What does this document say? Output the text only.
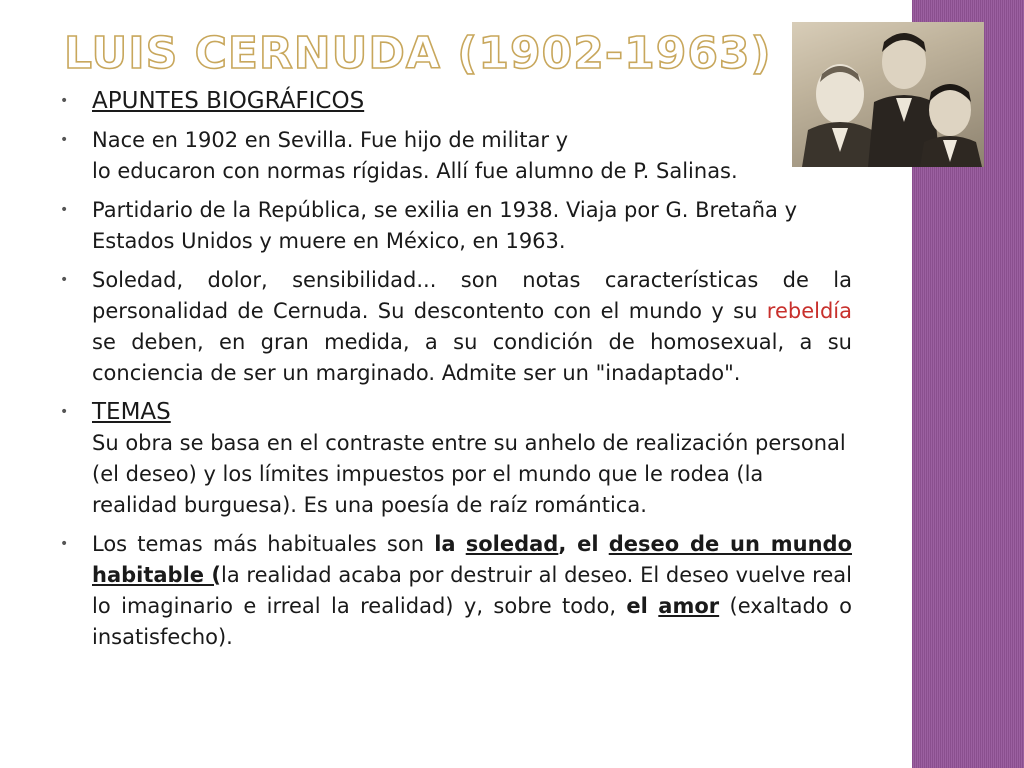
LUIS CERNUDA (1902-1963)
• APUNTES BIOGRÁFICOS
• Nace en 1902 en Sevilla. Fue hijo de militar y
lo educaron con normas rígidas. Allí fue alumno de P. Salinas.
• Partidario de la República, se exilia en 1938. Viaja por G. Bretaña y Estados Unidos y muere en México, en 1963.
• Soledad, dolor, sensibilidad... son notas características de la personalidad de Cernuda. Su descontento con el mundo y su rebeldía se deben, en gran medida, a su condición de homosexual, a su conciencia de ser un marginado. Admite ser un "inadaptado".
• TEMAS
Su obra se basa en el contraste entre su anhelo de realización personal (el deseo) y los límites impuestos por el mundo que le rodea (la realidad burguesa). Es una poesía de raíz romántica.
• Los temas más habituales son la soledad, el deseo de un mundo habitable (la realidad acaba por destruir al deseo. El deseo vuelve real lo imaginario e irreal la realidad) y, sobre todo, el amor (exaltado o insatisfecho).
